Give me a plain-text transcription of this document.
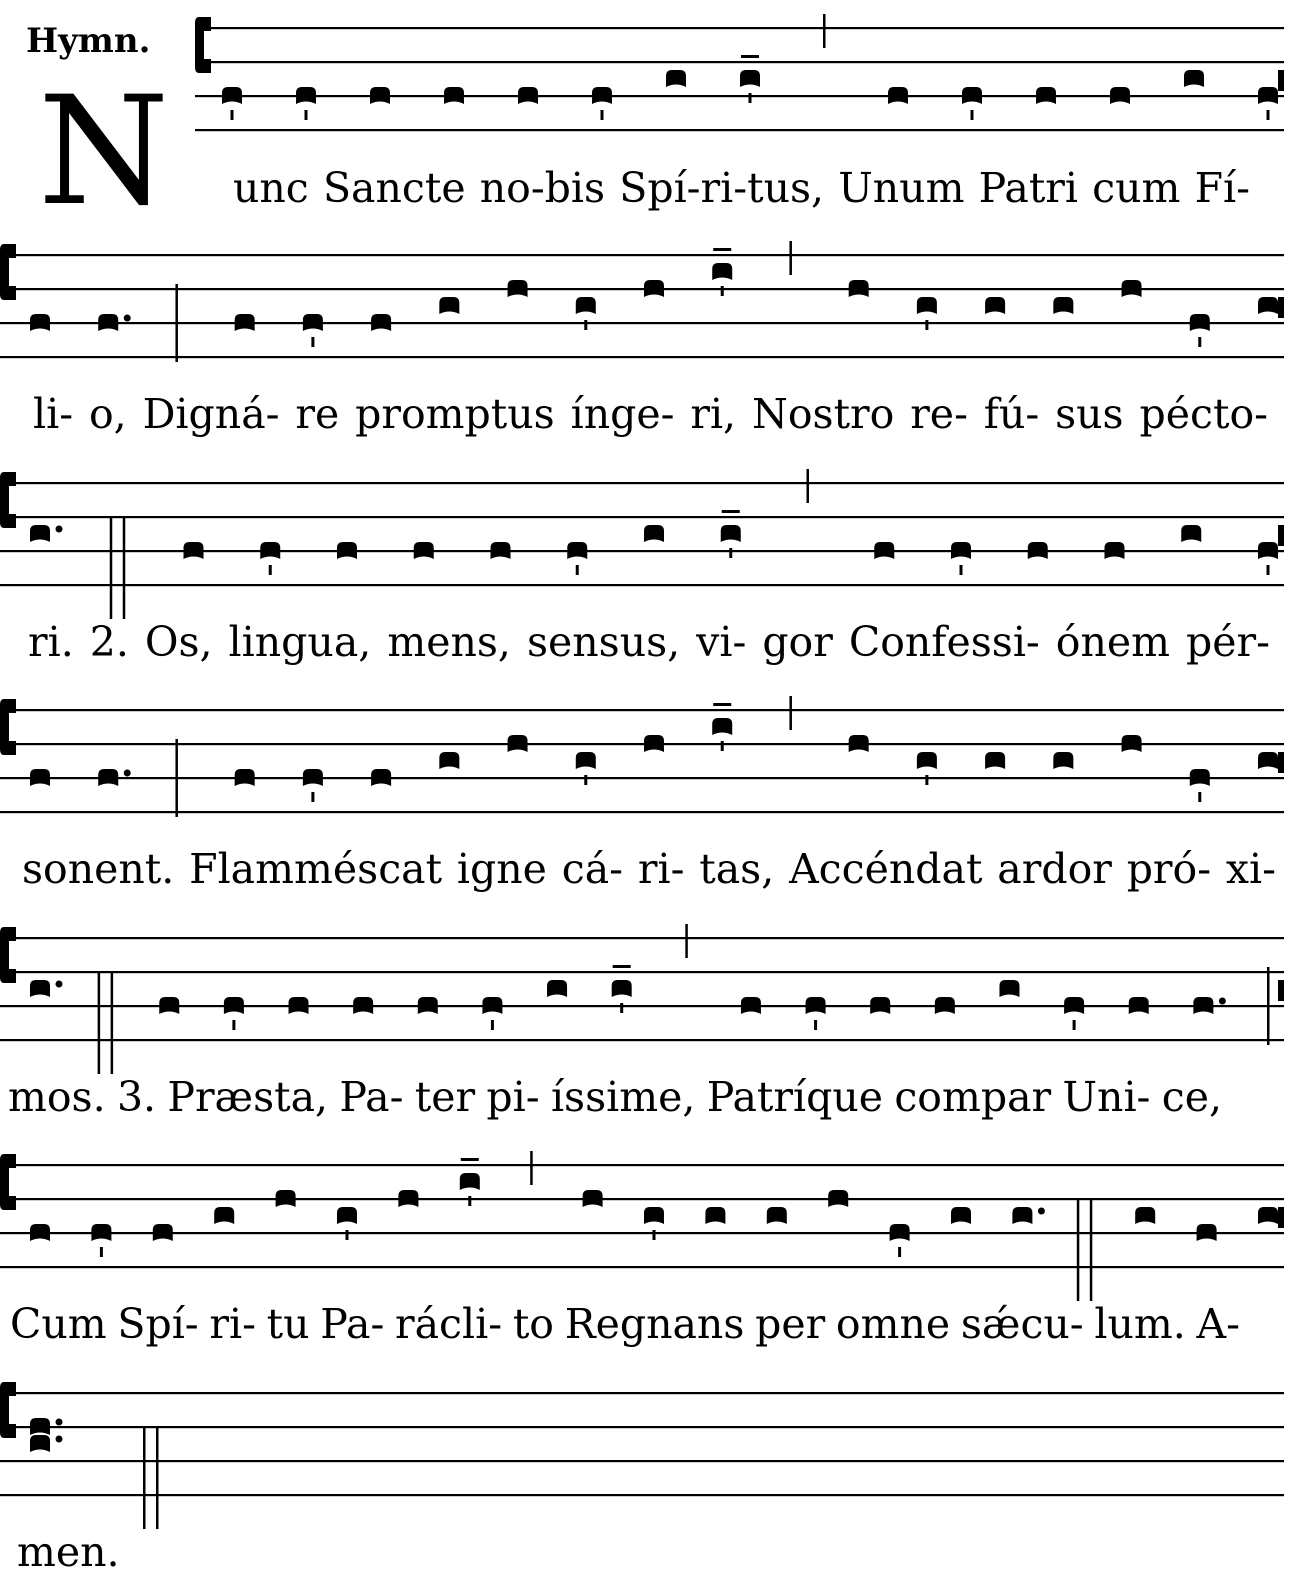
Hymn.
N unc Sancte no-bis Spí-ri-tus, Unum Patri cum Fí-
li- o, Digná- re promptus ínge- ri, Nostro re- fú- sus pécto-
ri. 2. Os, lingua, mens, sensus, vi- gor Confessi- ónem pér-
sonent. Flamméscat igne cá- ri- tas, Accéndat ardor pró- xi-
mos. 3. Præsta, Pa- ter pi- íssime, Patríque compar Uni- ce,
Cum Spí- ri- tu Pa- rácli- to Regnans per omne sǽcu- lum. A-
men.
